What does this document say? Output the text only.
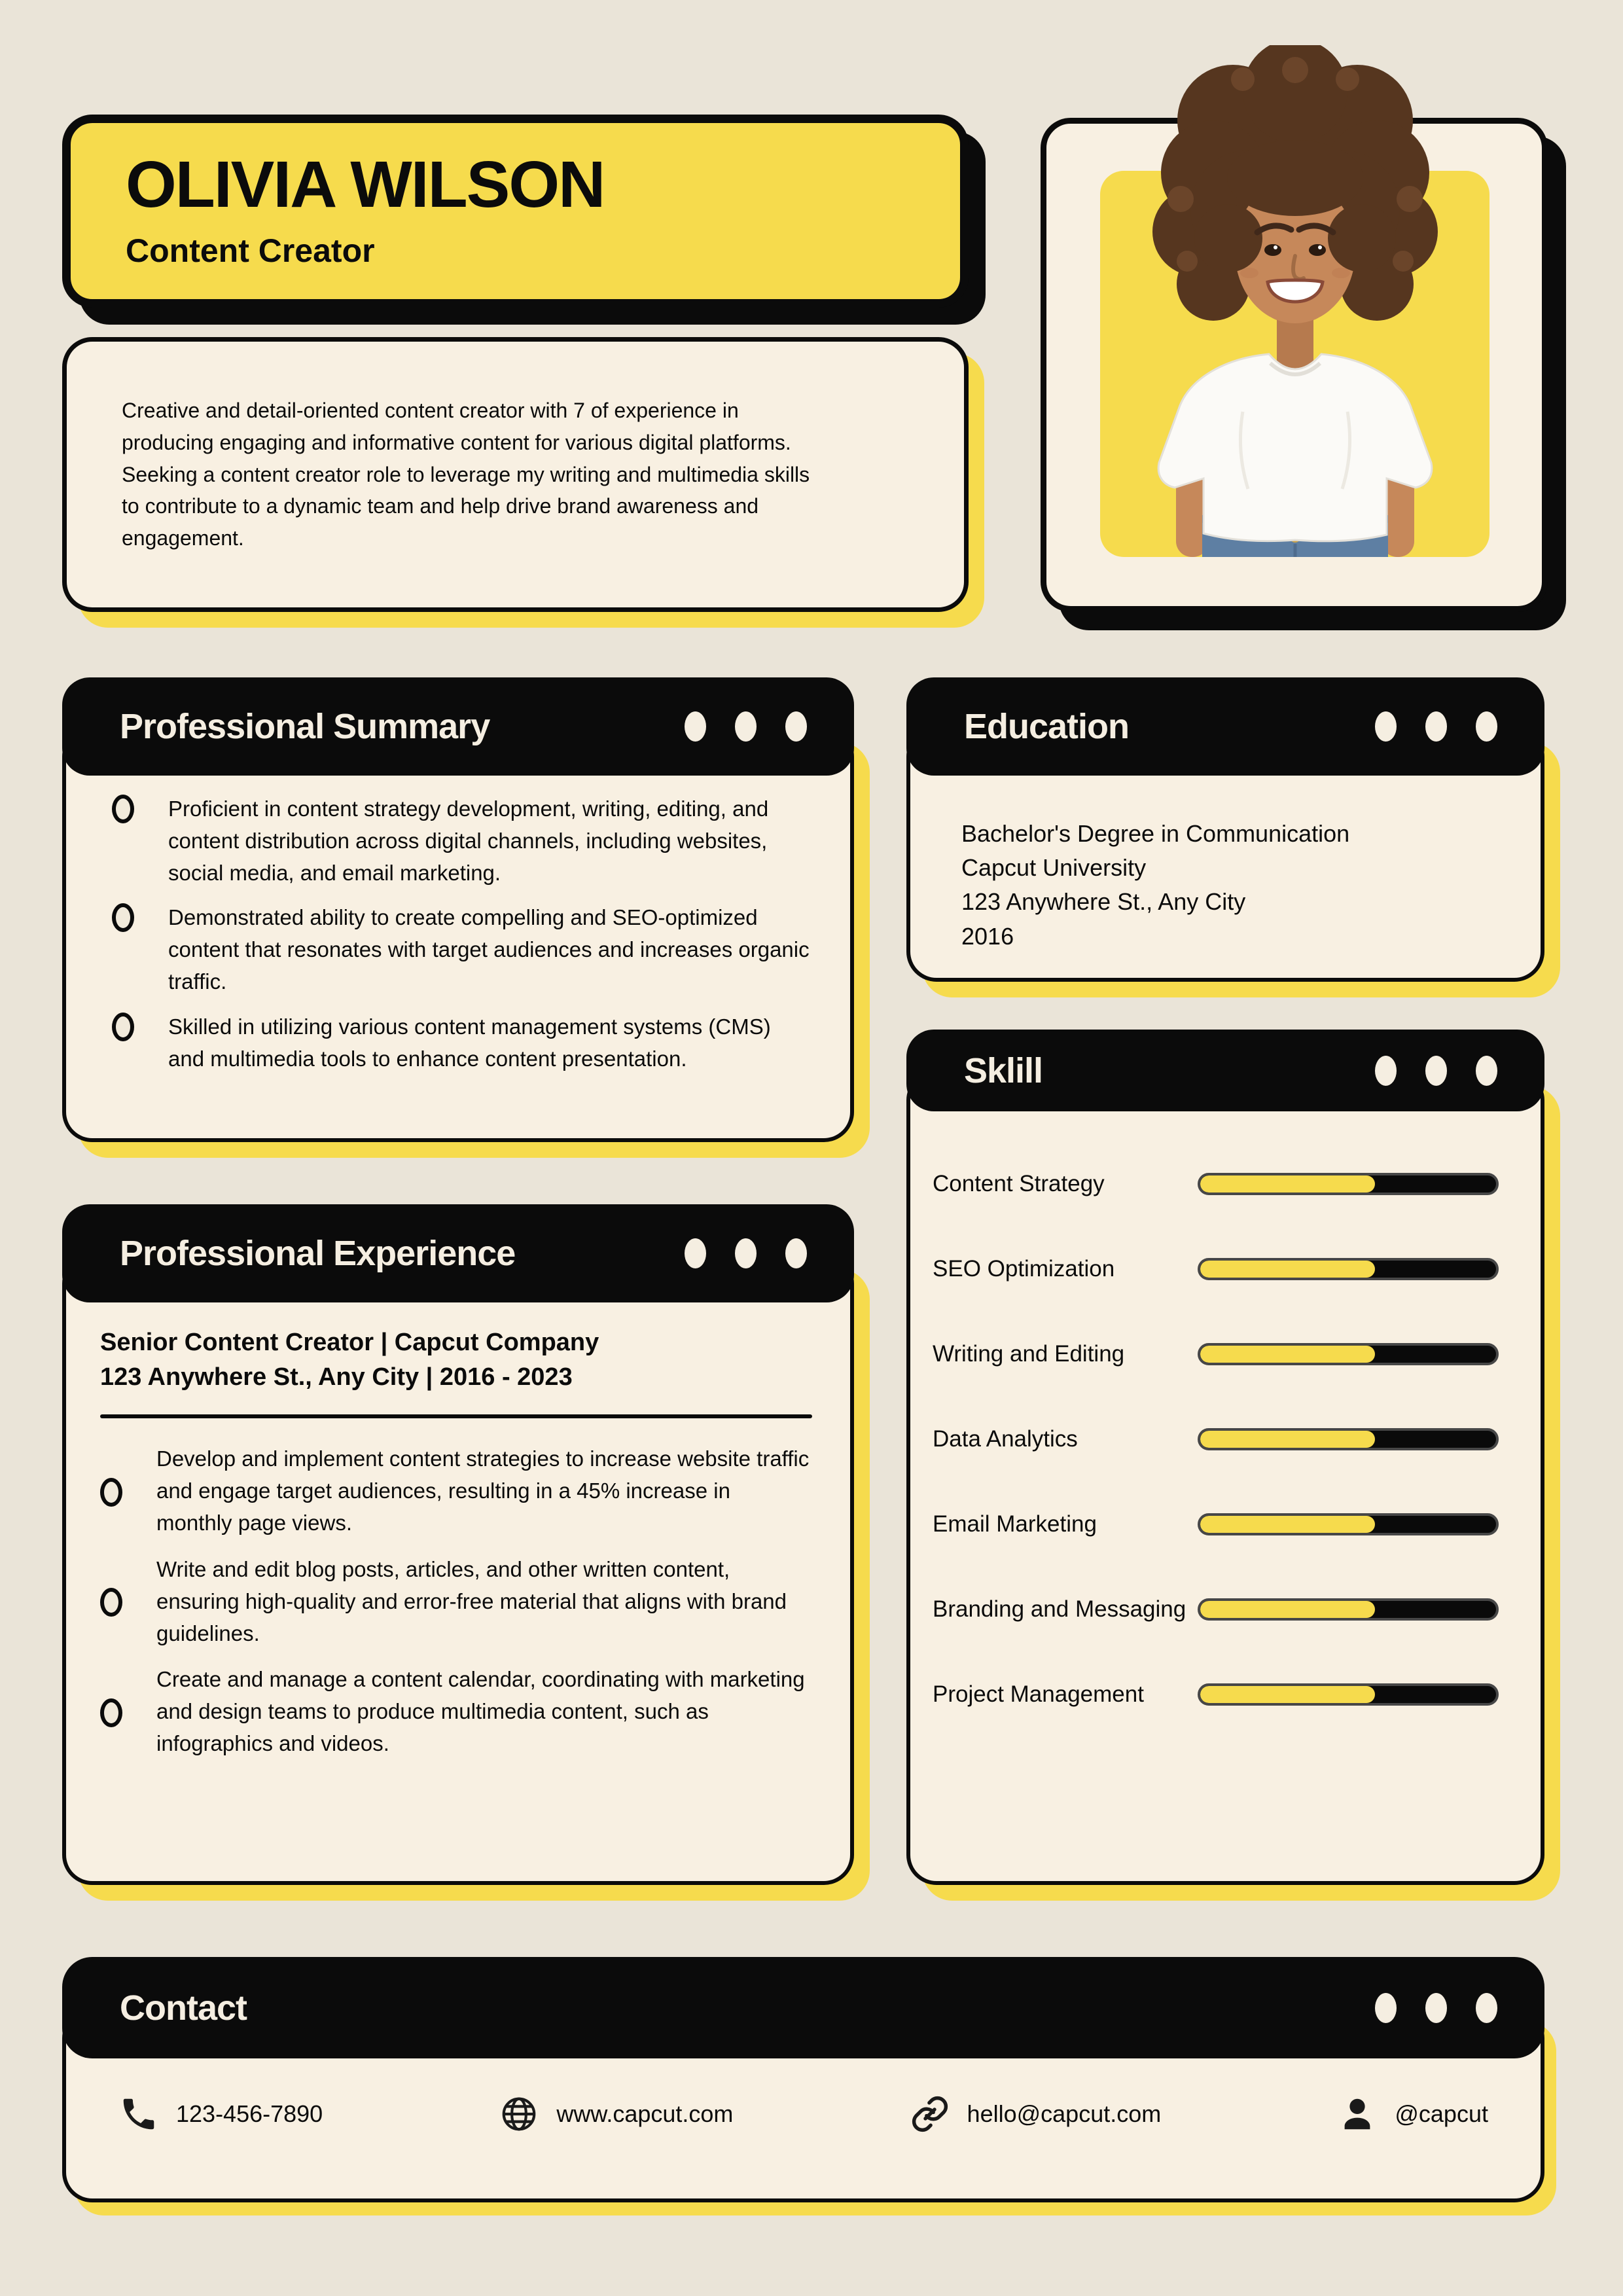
OLIVIA WILSON
Content Creator
Creative and detail-oriented content creator with 7 of experience in producing engaging and informative content for various digital platforms. Seeking a content creator role to leverage my writing and multimedia skills to contribute to a dynamic team and help drive brand awareness and engagement.
Proficient in content strategy development, writing, editing, and content distribution across digital channels, including websites, social media, and email marketing.
Demonstrated ability to create compelling and SEO-optimized content that resonates with target audiences and increases organic traffic.
Skilled in utilizing various content management systems (CMS) and multimedia tools to enhance content presentation.
Professional Summary
Bachelor's Degree in Communication
Capcut University
123 Anywhere St., Any City
2016
Education
Content Strategy
SEO Optimization
Writing and Editing
Data Analytics
Email Marketing
Branding and Messaging
Project Management
Sklill
Senior Content Creator | Capcut Company
123 Anywhere St., Any City | 2016 - 2023
Develop and implement content strategies to increase website traffic and engage target audiences, resulting in a 45% increase in monthly page views.
Write and edit blog posts, articles, and other written content, ensuring high-quality and error-free material that aligns with brand guidelines.
Create and manage a content calendar, coordinating with marketing and design teams to produce multimedia content, such as infographics and videos.
Professional Experience
123-456-7890	www.capcut.com	hello@capcut.com	@capcut
Contact
